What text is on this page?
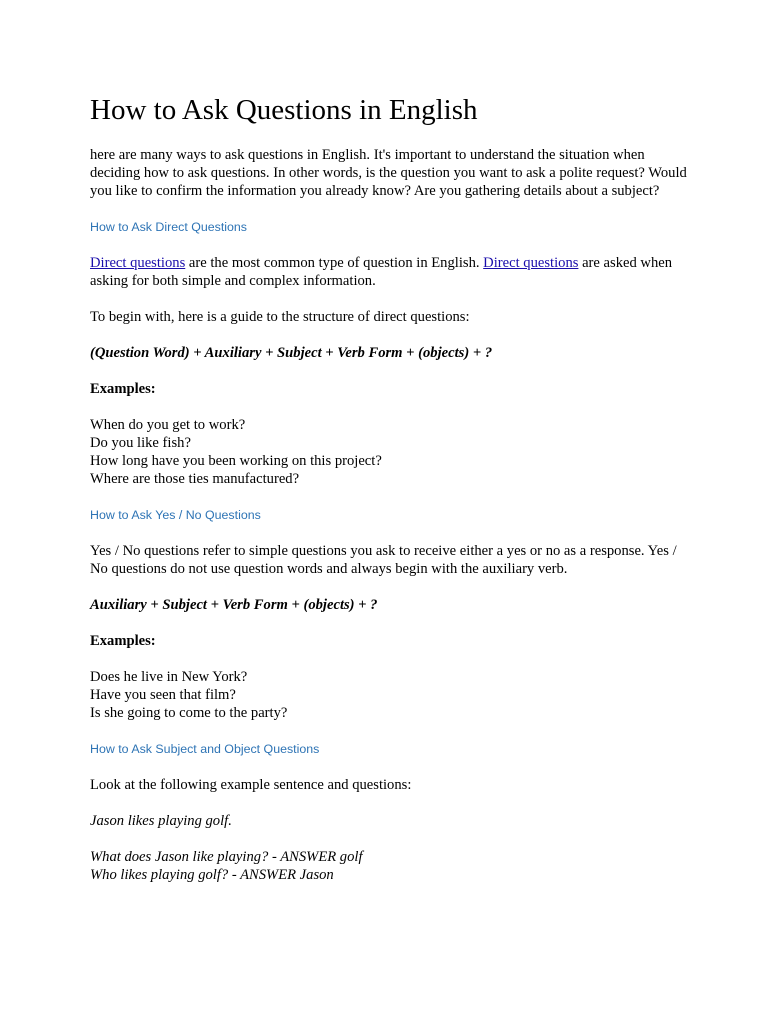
How to Ask Questions in English

here are many ways to ask questions in English. It's important to understand the situation when deciding how to ask questions. In other words, is the question you want to ask a polite request? Would you like to confirm the information you already know? Are you gathering details about a subject?

How to Ask Direct Questions

Direct questions are the most common type of question in English. Direct questions are asked when asking for both simple and complex information.

To begin with, here is a guide to the structure of direct questions:

(Question Word) + Auxiliary + Subject + Verb Form + (objects) + ?

Examples:

When do you get to work?
Do you like fish?
How long have you been working on this project?
Where are those ties manufactured?
How to Ask Yes / No Questions

Yes / No questions refer to simple questions you ask to receive either a yes or no as a response. Yes / No questions do not use question words and always begin with the auxiliary verb.

Auxiliary + Subject + Verb Form + (objects) + ?

Examples:

Does he live in New York?
Have you seen that film?
Is she going to come to the party?
How to Ask Subject and Object Questions

Look at the following example sentence and questions:

Jason likes playing golf.

What does Jason like playing? - ANSWER golf
Who likes playing golf? - ANSWER Jason
